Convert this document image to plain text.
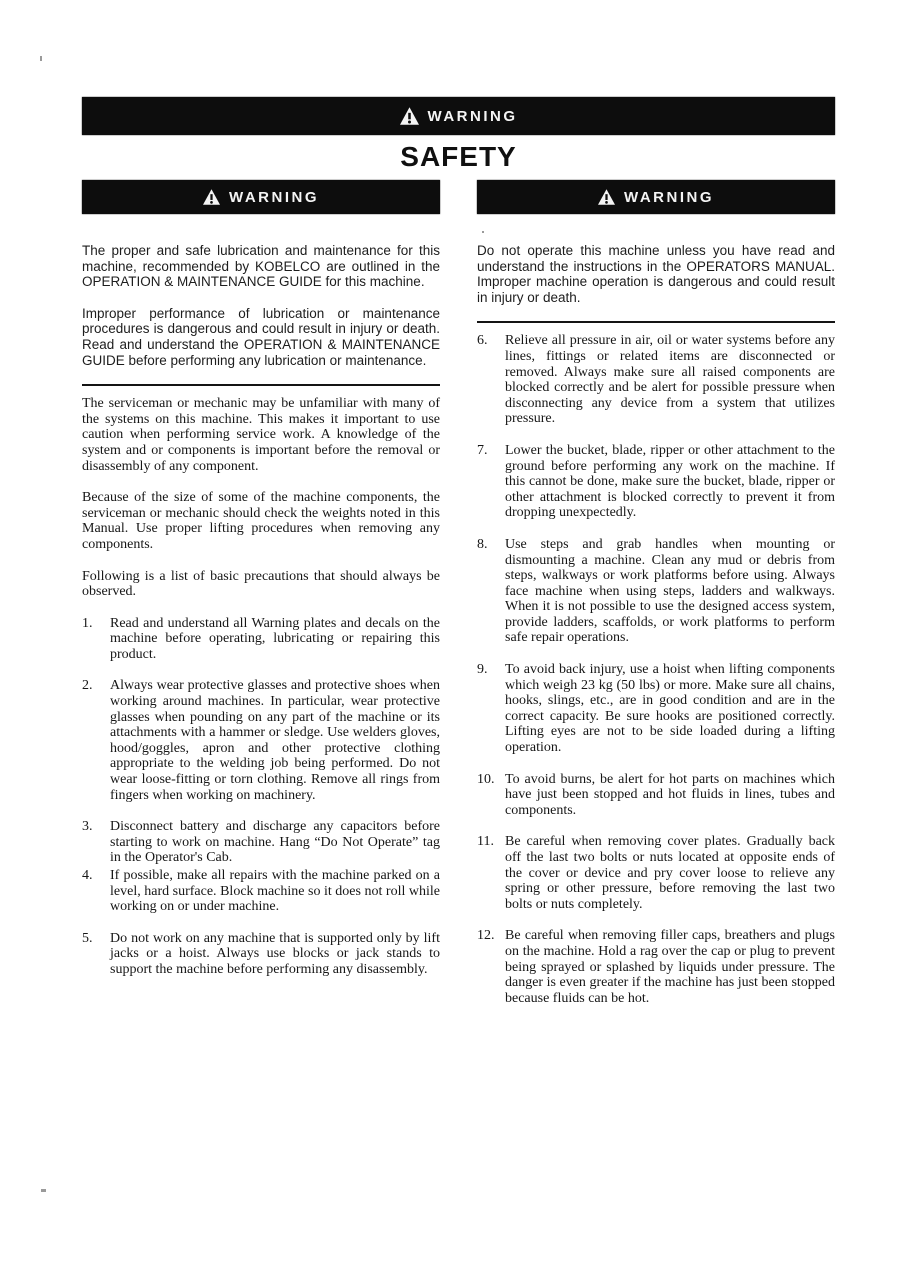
WARNING
SAFETY
WARNING

The proper and safe lubrication and maintenance for this machine, recommended by KOBELCO are outlined in the OPERATION & MAINTENANCE GUIDE for this machine.

Improper performance of lubrication or maintenance procedures is dangerous and could result in injury or death. Read and understand the OPERATION & MAINTENANCE GUIDE before performing any lubrication or maintenance.

The serviceman or mechanic may be unfamiliar with many of the systems on this machine. This makes it important to use caution when performing service work. A knowledge of the system and or components is important before the removal or disassembly of any component.

Because of the size of some of the machine components, the serviceman or mechanic should check the weights noted in this Manual. Use proper lifting procedures when removing any components.

Following is a list of basic precautions that should always be observed.

1.	Read and understand all Warning plates and decals on the machine before operating, lubricating or repairing this product.
2.	Always wear protective glasses and protective shoes when working around machines. In particular, wear protective glasses when pounding on any part of the machine or its attachments with a hammer or sledge. Use welders gloves, hood/goggles, apron and other protective clothing appropriate to the welding job being performed. Do not wear loose-fitting or torn clothing. Remove all rings from fingers when working on machinery.
3.	Disconnect battery and discharge any capacitors before starting to work on machine. Hang “Do Not Operate” tag in the Operator's Cab.
4.	If possible, make all repairs with the machine parked on a level, hard surface. Block machine so it does not roll while working on or under machine.
5.	Do not work on any machine that is supported only by lift jacks or a hoist. Always use blocks or jack stands to support the machine before performing any disassembly.
WARNING

Do not operate this machine unless you have read and understand the instructions in the OPERATORS MANUAL. Improper machine operation is dangerous and could result in injury or death.

6.	Relieve all pressure in air, oil or water systems before any lines, fittings or related items are disconnected or removed. Always make sure all raised components are blocked correctly and be alert for possible pressure when disconnecting any device from a system that utilizes pressure.
7.	Lower the bucket, blade, ripper or other attachment to the ground before performing any work on the machine. If this cannot be done, make sure the bucket, blade, ripper or other attachment is blocked correctly to prevent it from dropping unexpectedly.
8.	Use steps and grab handles when mounting or dismounting a machine. Clean any mud or debris from steps, walkways or work platforms before using. Always face machine when using steps, ladders and walkways. When it is not possible to use the designed access system, provide ladders, scaffolds, or work platforms to perform safe repair operations.
9.	To avoid back injury, use a hoist when lifting components which weigh 23 kg (50 lbs) or more. Make sure all chains, hooks, slings, etc., are in good condition and are in the correct capacity. Be sure hooks are positioned correctly. Lifting eyes are not to be side loaded during a lifting operation.
10. To avoid burns, be alert for hot parts on machines which have just been stopped and hot fluids in lines, tubes and components.
11. Be careful when removing cover plates. Gradually back off the last two bolts or nuts located at opposite ends of the cover or device and pry cover loose to relieve any spring or other pressure, before removing the last two bolts or nuts completely.
12. Be careful when removing filler caps, breathers and plugs on the machine. Hold a rag over the cap or plug to prevent being sprayed or splashed by liquids under pressure. The danger is even greater if the machine has just been stopped because fluids can be hot.
